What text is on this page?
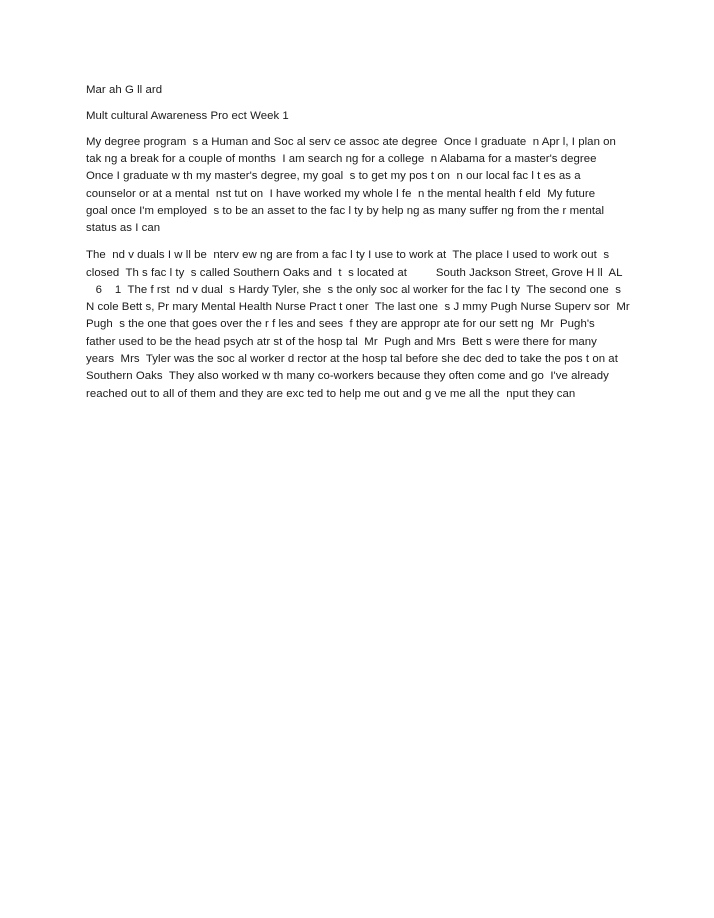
Mar ah G ll ard
Mult cultural Awareness Pro ect Week 1
My degree program  s a Human and Soc al serv ce assoc ate degree  Once I graduate  n Apr l, I plan on
tak ng a break for a couple of months  I am search ng for a college  n Alabama for a master's degree
Once I graduate w th my master's degree, my goal  s to get my pos t on  n our local fac l t es as a
counselor or at a mental  nst tut on  I have worked my whole l fe  n the mental health f eld  My future
goal once I'm employed  s to be an asset to the fac l ty by help ng as many suffer ng from the r mental
status as I can
The  nd v duals I w ll be  nterv ew ng are from a fac l ty I use to work at  The place I used to work out  s
closed  Th s fac l ty  s called Southern Oaks and  t  s located at         South Jackson Street, Grove H ll  AL
6    1  The f rst  nd v dual  s Hardy Tyler, she  s the only soc al worker for the fac l ty  The second one  s
N cole Bett s, Pr mary Mental Health Nurse Pract t oner  The last one  s J mmy Pugh Nurse Superv sor  Mr
Pugh  s the one that goes over the r f les and sees  f they are appropr ate for our sett ng  Mr  Pugh's
father used to be the head psych atr st of the hosp tal  Mr  Pugh and Mrs  Bett s were there for many
years  Mrs  Tyler was the soc al worker d rector at the hosp tal before she dec ded to take the pos t on at
Southern Oaks  They also worked w th many co-workers because they often come and go  I've already
reached out to all of them and they are exc ted to help me out and g ve me all the  nput they can
